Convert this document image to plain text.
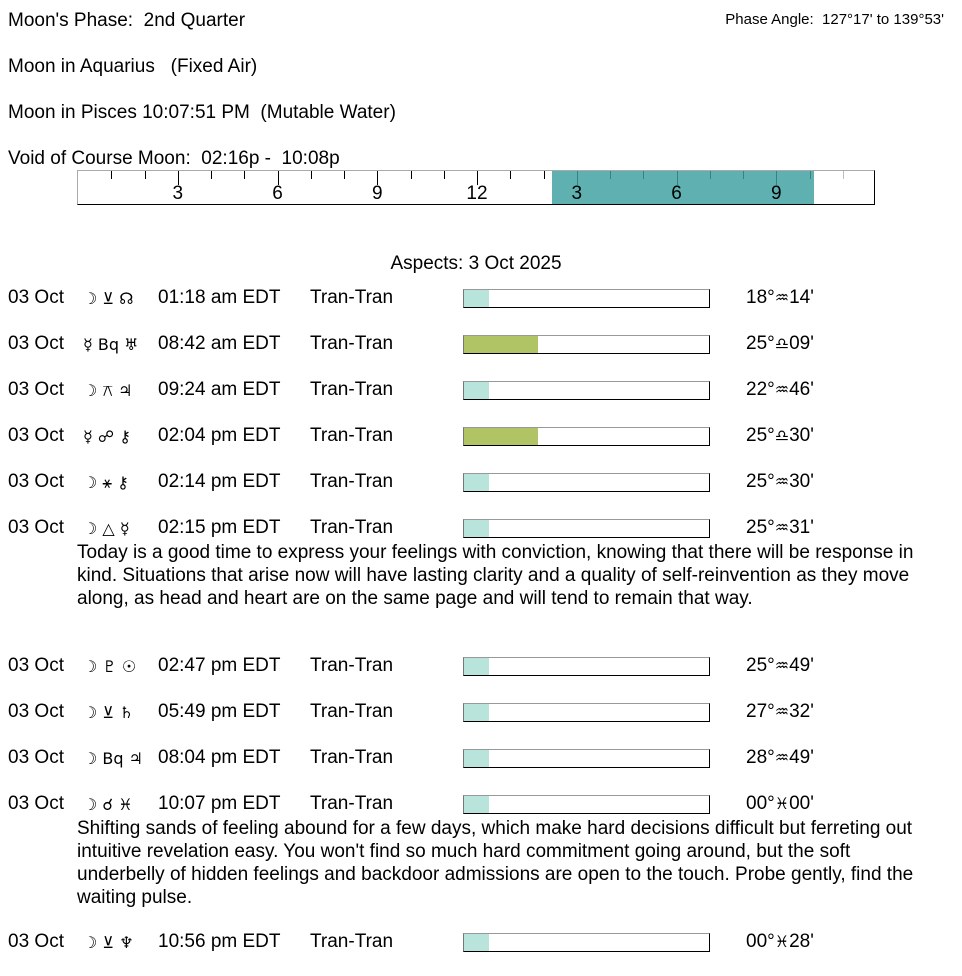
Moon's Phase:  2nd Quarter	Phase Angle:  127°17' to 139°53'
Moon in Aquarius   (Fixed Air)
Moon in Pisces 10:07:51 PM  (Mutable Water)
Void of Course Moon:  02:16p -  10:08p
3	6	9	12	3	6	9
Aspects: 3 Oct 2025
03 Oct ☽ ⊻ ☊	01:18 am EDT Tran-Tran	18°♒14'
03 Oct ☿ Bq ♅	08:42 am EDT Tran-Tran	25°♎09'
03 Oct ☽ ⚻ ♃	09:24 am EDT Tran-Tran	22°♒46'
03 Oct ☿ ☍ ⚷	02:04 pm EDT Tran-Tran	25°♎30'
03 Oct ☽ ⚹ ⚷	02:14 pm EDT Tran-Tran	25°♒30'
03 Oct ☽ △ ☿	02:15 pm EDT Tran-Tran	25°♒31'
Today is a good time to express your feelings with conviction, knowing that there will be response in kind. Situations that arise now will have lasting clarity and a quality of self-reinvention as they move along, as head and heart are on the same page and will tend to remain that way.
03 Oct ☽ ♇ ☉	02:47 pm EDT Tran-Tran	25°♒49'
03 Oct ☽ ⊻ ♄	05:49 pm EDT Tran-Tran	27°♒32'
03 Oct ☽ Bq ♃ 08:04 pm EDT Tran-Tran	28°♒49'
03 Oct ☽ ☌ ♓	10:07 pm EDT Tran-Tran	00°♓00'
Shifting sands of feeling abound for a few days, which make hard decisions difficult but ferreting out intuitive revelation easy. You won't find so much hard commitment going around, but the soft underbelly of hidden feelings and backdoor admissions are open to the touch. Probe gently, find the waiting pulse.
03 Oct ☽ ⊻ ♆	10:56 pm EDT Tran-Tran	00°♓28'
